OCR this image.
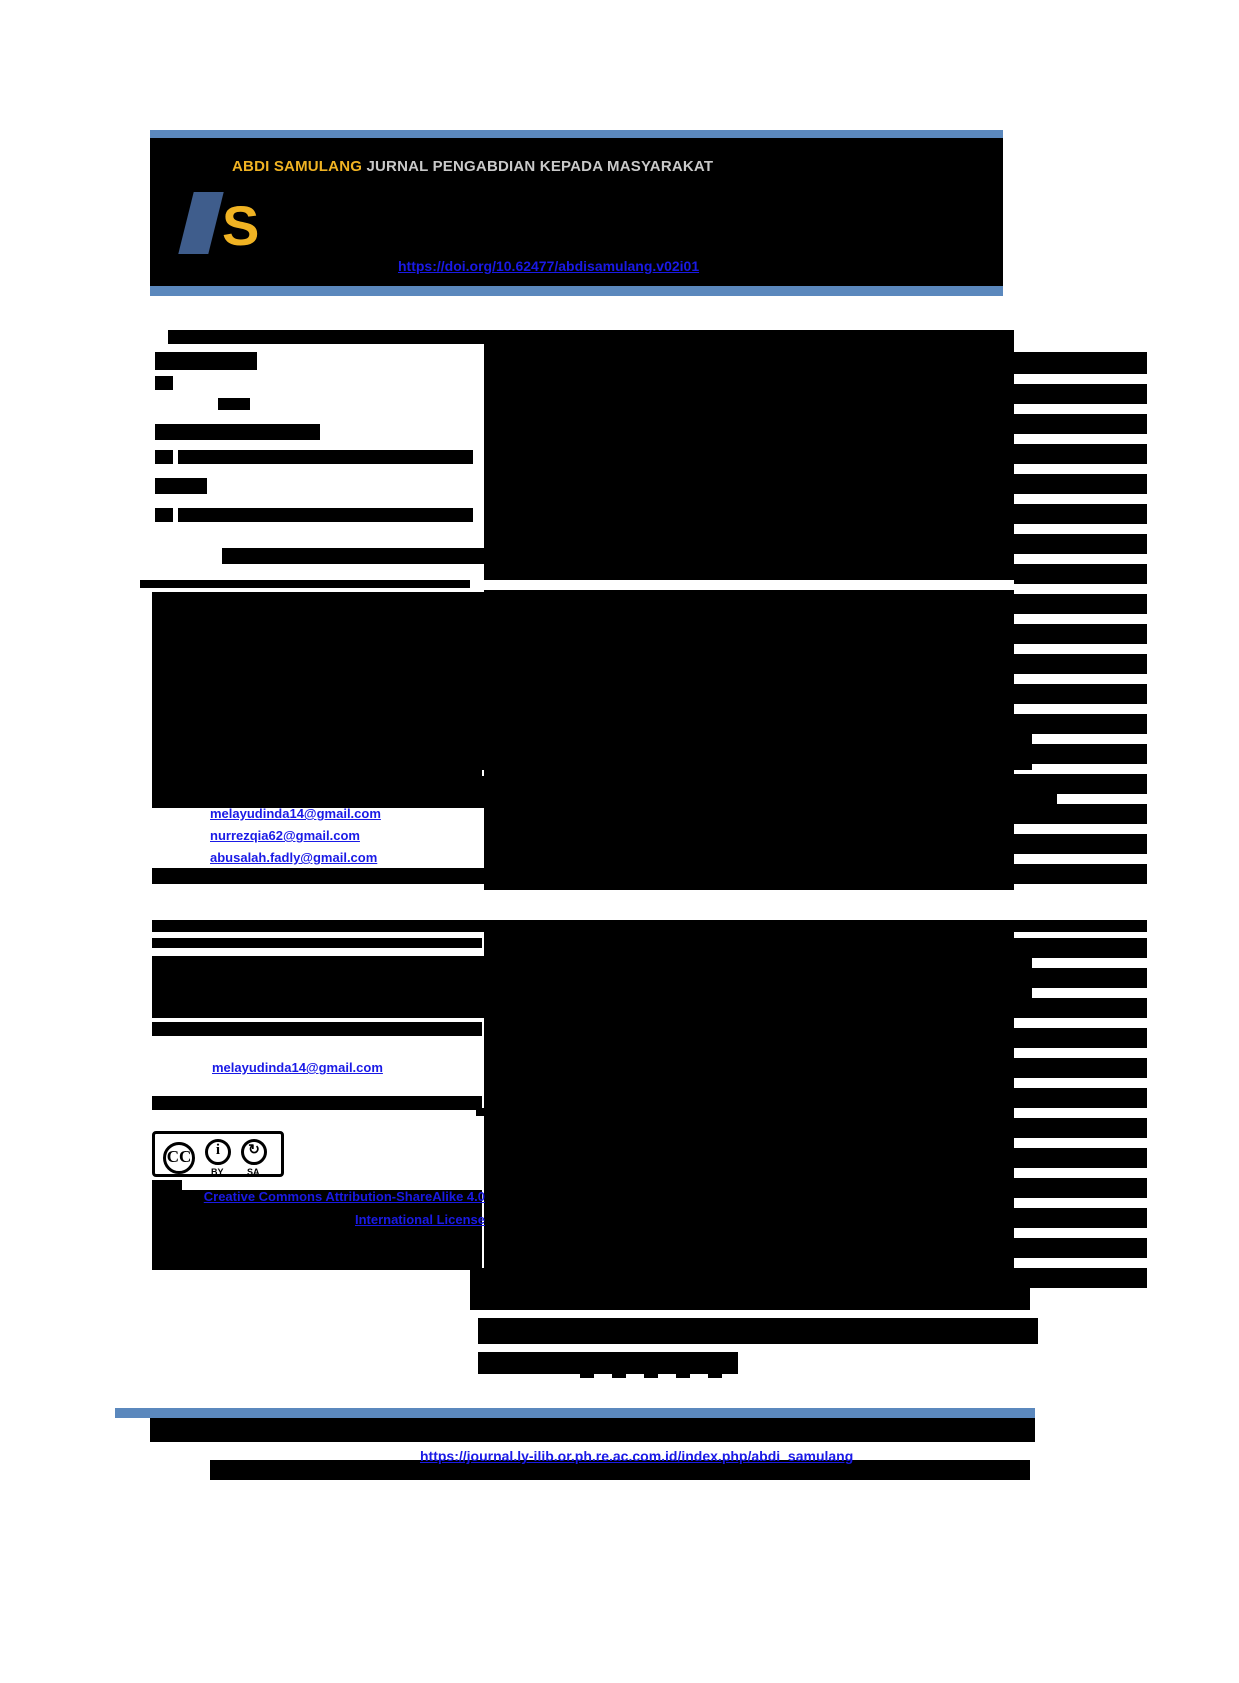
S
ABDI SAMULANG JURNAL PENGABDIAN KEPADA MASYARAKAT
https://doi.org/10.62477/abdisamulang.v02i01
melayudinda14@gmail.com
nurrezqia62@gmail.com
abusalah.fadly@gmail.com
melayudinda14@gmail.com
CC	i	↻
BY	SA
Creative Commons Attribution-ShareAlike 4.0 International License
https://journal.ly-ilib.or.ph.re.ac.com.id/index.php/abdi_samulang
